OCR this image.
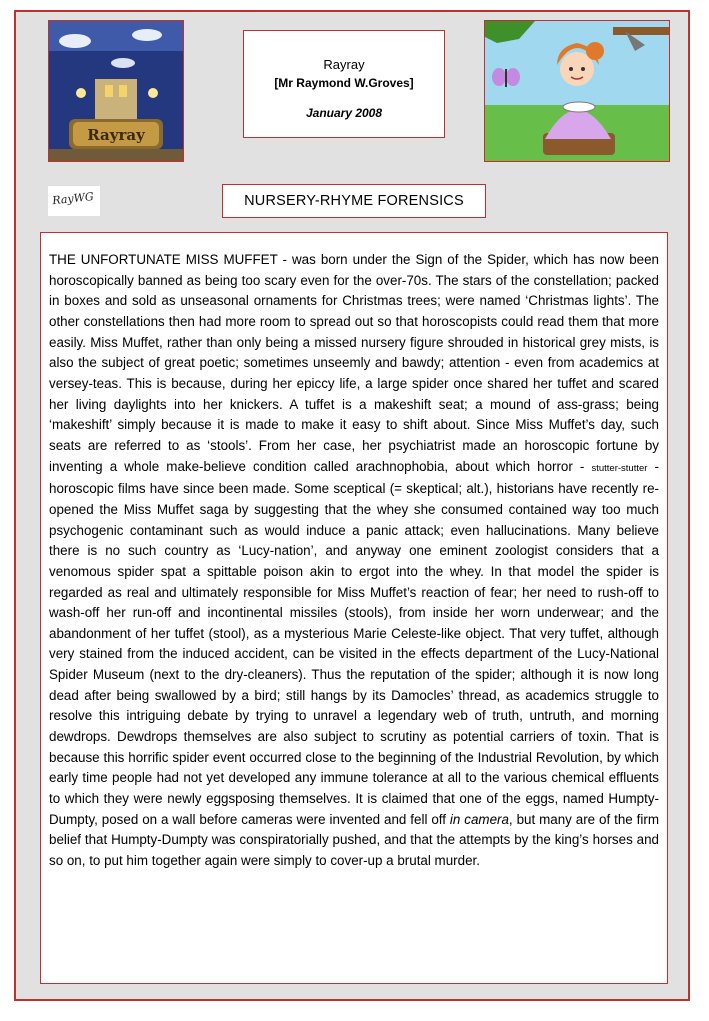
Rayray
Rayray
[Mr Raymond W.Groves]
January 2008
RayWG	NURSERY-RHYME FORENSICS
THE UNFORTUNATE MISS MUFFET - was born under the Sign of the Spider, which has now been horoscopically banned as being too scary even for the over-70s. The stars of the constellation; packed in boxes and sold as unseasonal ornaments for Christmas trees; were named ‘Christmas lights’. The other constellations then had more room to spread out so that horoscopists could read them that more easily. Miss Muffet, rather than only being a missed nursery figure shrouded in historical grey mists, is also the subject of great poetic; sometimes unseemly and bawdy; attention - even from academics at versey-teas. This is because, during her epiccy life, a large spider once shared her tuffet and scared her living daylights into her knickers. A tuffet is a makeshift seat; a mound of ass-grass; being ‘makeshift’ simply because it is made to make it easy to shift about. Since Miss Muffet’s day, such seats are referred to as ‘stools’. From her case, her psychiatrist made an horoscopic fortune by inventing a whole make-believe condition called arachnophobia, about which horror - stutter-stutter - horoscopic films have since been made. Some sceptical (= skeptical; alt.), historians have recently re-opened the Miss Muffet saga by suggesting that the whey she consumed contained way too much psychogenic contaminant such as would induce a panic attack; even hallucinations. Many believe there is no such country as ‘Lucy-nation’, and anyway one eminent zoologist considers that a venomous spider spat a spittable poison akin to ergot into the whey. In that model the spider is regarded as real and ultimately responsible for Miss Muffet’s reaction of fear; her need to rush-off to wash-off her run-off and incontinental missiles (stools), from inside her worn underwear; and the abandonment of her tuffet (stool), as a mysterious Marie Celeste-like object. That very tuffet, although very stained from the induced accident, can be visited in the effects department of the Lucy-National Spider Museum (next to the dry-cleaners). Thus the reputation of the spider; although it is now long dead after being swallowed by a bird; still hangs by its Damocles’ thread, as academics struggle to resolve this intriguing debate by trying to unravel a legendary web of truth, untruth, and morning dewdrops. Dewdrops themselves are also subject to scrutiny as potential carriers of toxin. That is because this horrific spider event occurred close to the beginning of the Industrial Revolution, by which early time people had not yet developed any immune tolerance at all to the various chemical effluents to which they were newly eggsposing themselves. It is claimed that one of the eggs, named Humpty-Dumpty, posed on a wall before cameras were invented and fell off in camera, but many are of the firm belief that Humpty-Dumpty was conspiratorially pushed, and that the attempts by the king’s horses and so on, to put him together again were simply to cover-up a brutal murder.
